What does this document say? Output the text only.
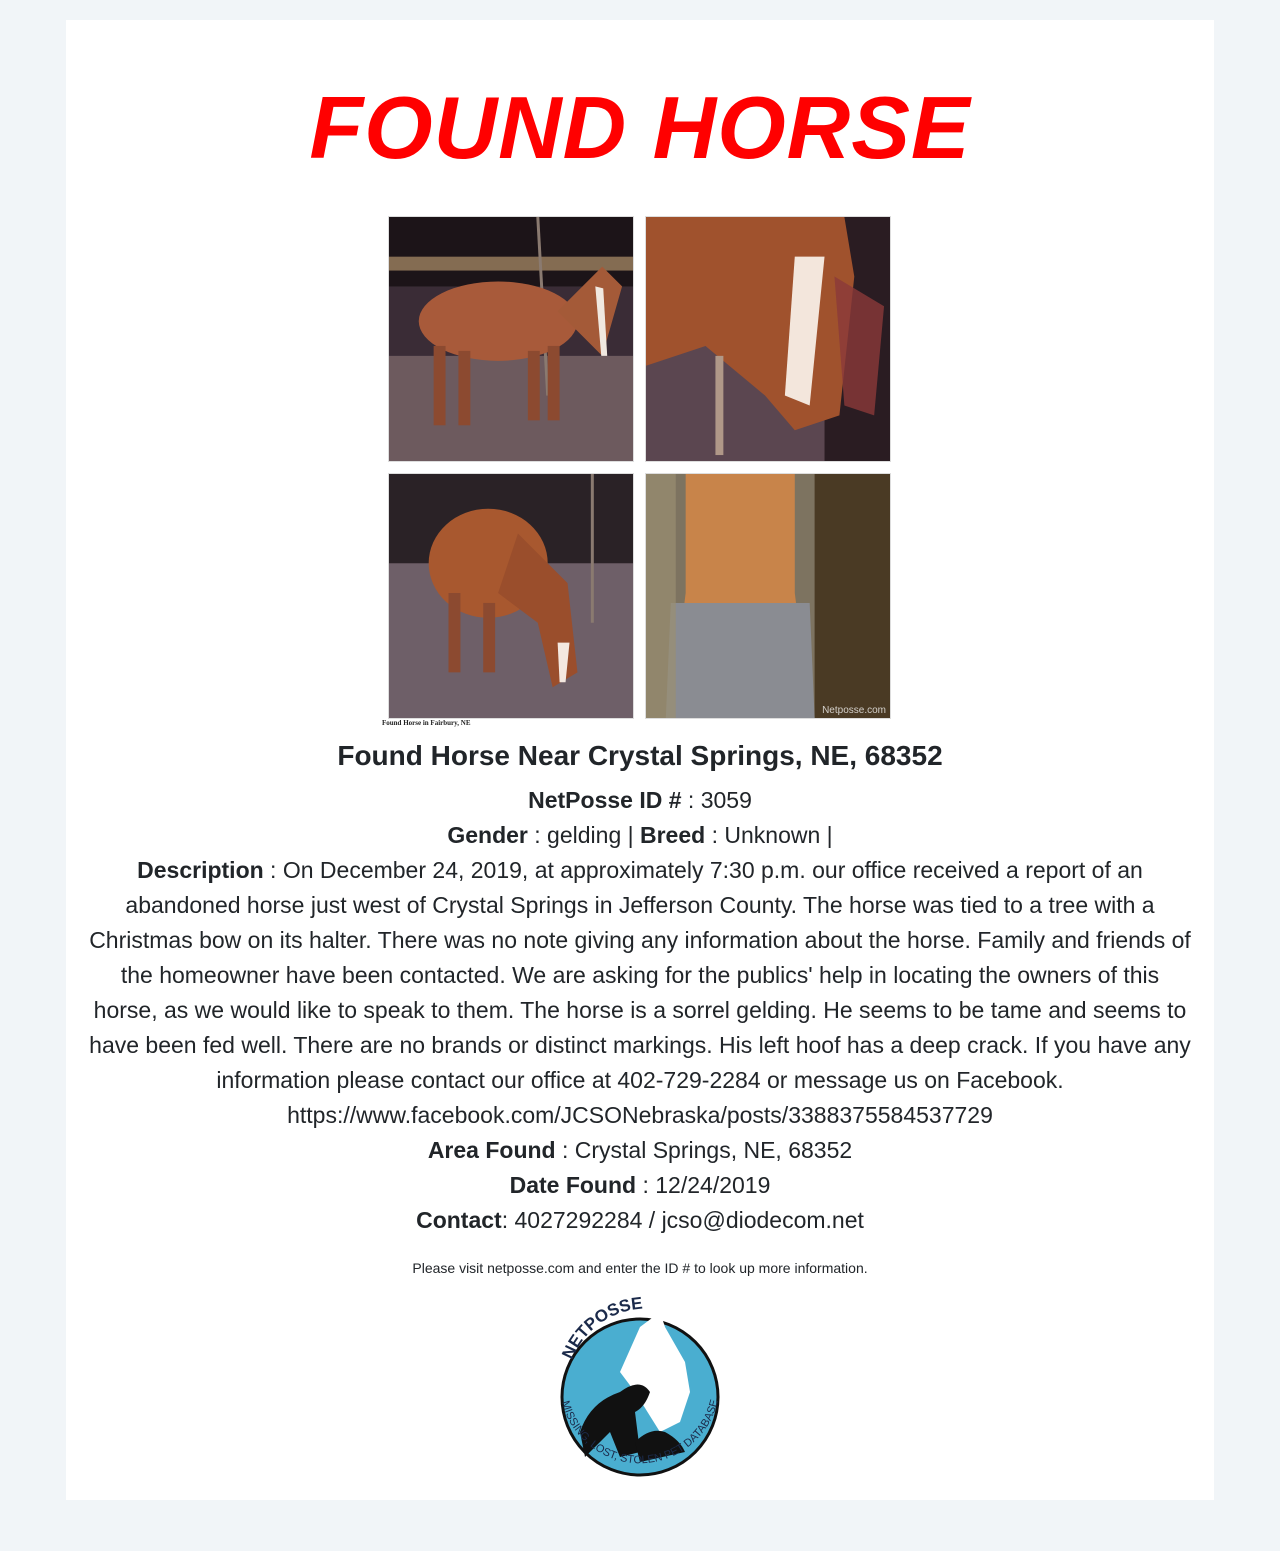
FOUND HORSE
Netposse.com
Found Horse in Fairbury, NE
Found Horse Near Crystal Springs, NE, 68352
NetPosse ID # : 3059
Gender : gelding | Breed : Unknown |
Description : On December 24, 2019, at approximately 7:30 p.m. our office received a report of an abandoned horse just west of Crystal Springs in Jefferson County. The horse was tied to a tree with a Christmas bow on its halter. There was no note giving any information about the horse. Family and friends of the homeowner have been contacted. We are asking for the publics' help in locating the owners of this horse, as we would like to speak to them. The horse is a sorrel gelding. He seems to be tame and seems to have been fed well. There are no brands or distinct markings. His left hoof has a deep crack. If you have any information please contact our office at 402-729-2284 or message us on Facebook. https://www.facebook.com/JCSONebraska/posts/3388375584537729
Area Found : Crystal Springs, NE, 68352
Date Found : 12/24/2019
Contact: 4027292284 / jcso@diodecom.net
Please visit netposse.com and enter the ID # to look up more information.
NETPOSSE
MISSING, LOST, STOLEN PET DATABASE
